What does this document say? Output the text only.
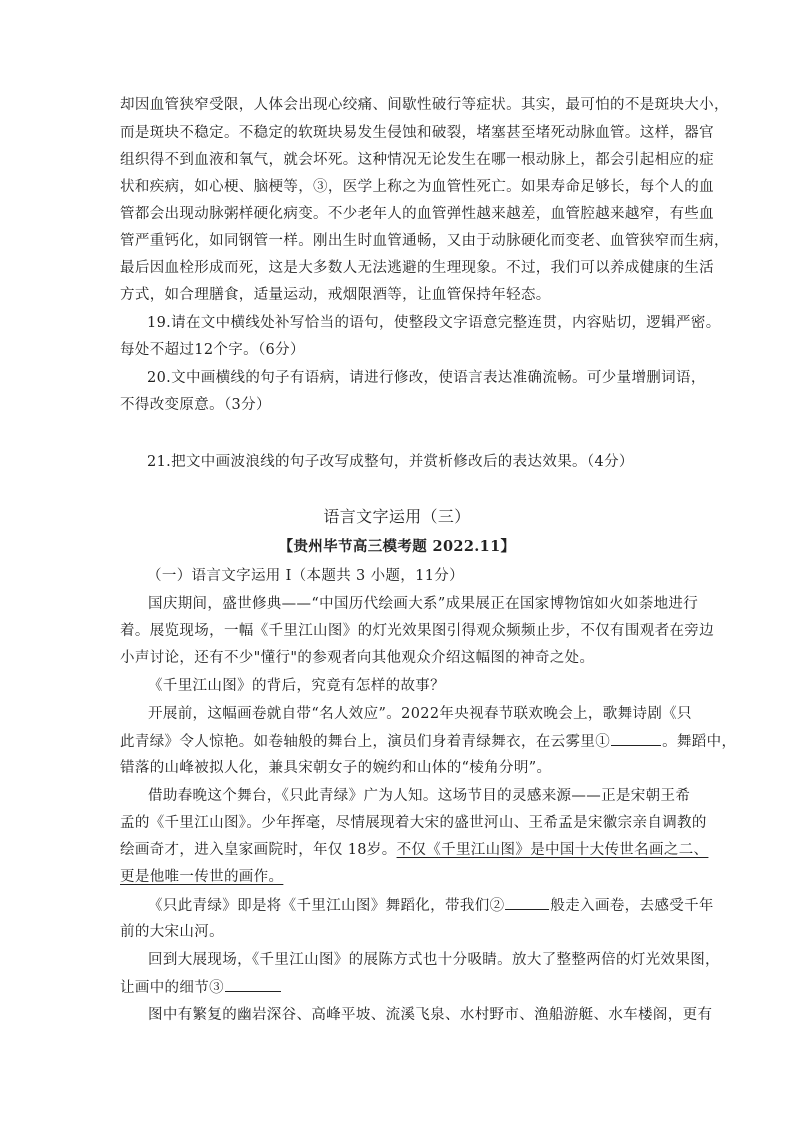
却因血管狭窄受限，人体会出现心绞痛、间歇性破行等症状。其实，最可怕的不是斑块大小，
而是斑块不稳定。不稳定的软斑块易发生侵蚀和破裂，堵塞甚至堵死动脉血管。这样，器官
组织得不到血液和氧气，就会坏死。这种情况无论发生在哪一根动脉上，都会引起相应的症
状和疾病，如心梗、脑梗等，③，医学上称之为血管性死亡。如果寿命足够长，每个人的血
管都会出现动脉粥样硬化病变。不少老年人的血管弹性越来越差，血管腔越来越窄，有些血
管严重钙化，如同钢管一样。刚出生时血管通畅，又由于动脉硬化而变老、血管狭窄而生病，
最后因血栓形成而死，这是大多数人无法逃避的生理现象。不过，我们可以养成健康的生活
方式，如合理膳食，适量运动，戒烟限酒等，让血管保持年轻态。
19.请在文中横线处补写恰当的语句，使整段文字语意完整连贯，内容贴切，逻辑严密。
每处不超过12个字。（6分）
20.文中画横线的句子有语病，请进行修改，使语言表达准确流畅。可少量增删词语，
不得改变原意。（3分）
21.把文中画波浪线的句子改写成整句，并赏析修改后的表达效果。（4分）
语言文字运用（三）
【贵州毕节高三模考题 2022.11】
（一）语言文字运用 I（本题共 3 小题，11分）
国庆期间，盛世修典——“中国历代绘画大系”成果展正在国家博物馆如火如荼地进行
着。展览现场，一幅《千里江山图》的灯光效果图引得观众频频止步，不仅有围观者在旁边
小声讨论，还有不少"懂行"的参观者向其他观众介绍这幅图的神奇之处。
《千里江山图》的背后，究竟有怎样的故事？
开展前，这幅画卷就自带“名人效应”。2022年央视春节联欢晚会上，歌舞诗剧《只
此青绿》令人惊艳。如卷轴般的舞台上，演员们身着青绿舞衣，在云雾里①	。舞蹈中，
错落的山峰被拟人化，兼具宋朝女子的婉约和山体的“棱角分明”。
借助春晚这个舞台，《只此青绿》广为人知。这场节目的灵感来源——正是宋朝王希
孟的《千里江山图》。少年挥毫，尽情展现着大宋的盛世河山、王希孟是宋徽宗亲自调教的
绘画奇才，进入皇家画院时，年仅 18岁。不仅《千里江山图》是中国十大传世名画之二、
更是他唯一传世的画作。
《只此青绿》即是将《千里江山图》舞蹈化，带我们②	般走入画卷，去感受千年
前的大宋山河。
回到大展现场，《千里江山图》的展陈方式也十分吸睛。放大了整整两倍的灯光效果图，
让画中的细节③
图中有繁复的幽岩深谷、高峰平坡、流溪飞泉、水村野市、渔船游艇、水车楼阁，更有
